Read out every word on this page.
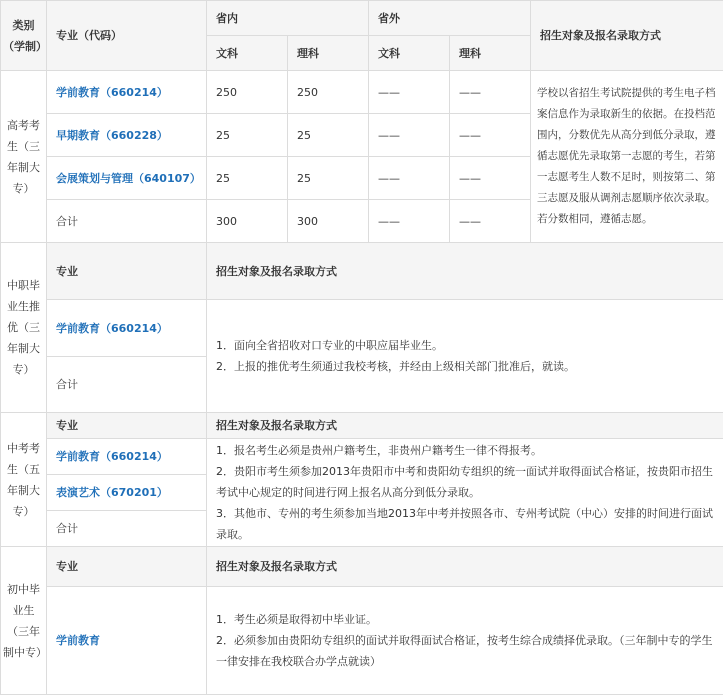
类别（学制）	专业（代码）	省内		省外		招生对象及报名录取方式
		文科	理科	文科	理科	
高考考生（三年制大专）	学前教育（660214）	250	250	——	——	学校以省招生考试院提供的考生电子档案信息作为录取新生的依据。在投档范围内，分数优先从高分到低分录取，遵循志愿优先录取第一志愿的考生，若第一志愿考生人数不足时，则按第二、第三志愿及服从调剂志愿顺序依次录取。若分数相同，遵循志愿。
	早期教育（660228）	25	25	——	——	
	会展策划与管理（640107）	25	25	——	——	
	合计	300	300	——	——	
中职毕业生推优（三年制大专）	专业	招生对象及报名录取方式				
	学前教育（660214）	1．面向全省招收对口专业的中职应届毕业生。

2．上报的推优考生须通过我校考核，并经由上级相关部门批准后，就读。				

	合计					
中考考生（五年制大专）	专业	招生对象及报名录取方式				
	学前教育（660214）	1．报名考生必须是贵州户籍考生，非贵州户籍考生一律不得报考。

2．贵阳市考生须参加2013年贵阳市中考和贵阳幼专组织的统一面试并取得面试合格证，按贵阳市招生考试中心规定的时间进行网上报名从高分到低分录取。

3．其他市、专州的考生须参加当地2013年中考并按照各市、专州考试院（中心）安排的时间进行面试录取。				

	表演艺术（670201）					
	合计					
初中毕业生（三年制中专）	专业	招生对象及报名录取方式				
	学前教育	1．考生必须是取得初中毕业证。

2．必须参加由贵阳幼专组织的面试并取得面试合格证，按考生综合成绩择优录取。（三年制中专的学生一律安排在我校联合办学点就读）				
